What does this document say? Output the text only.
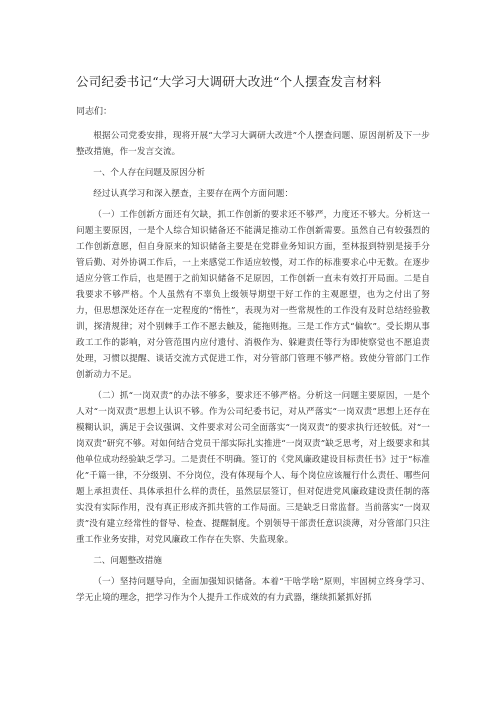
公司纪委书记“大学习大调研大改进“个人摆查发言材料
同志们：

根据公司党委安排，现将开展“大学习大调研大改进”个人摆查问题、原因剖析及下一步整改措施，作一发言交流。

一、个人存在问题及原因分析

经过认真学习和深入摆查，主要存在两个方面问题：

（一）工作创新方面还有欠缺，抓工作创新的要求还不够严，力度还不够大。分析这一问题主要原因，一是个人综合知识储备还不能满足推动工作创新需要。虽然自己有较强烈的工作创新意愿，但自身原来的知识储备主要是在党群业务知识方面，至林报到特别是接手分管后勤、对外协调工作后，一上来感觉工作适应较慢，对工作的标准要求心中无数。在逐步适应分管工作后，也是囿于之前知识储备不足原因，工作创新一直未有效打开局面。二是自我要求不够严格。个人虽然有不辜负上级领导期望干好工作的主观愿望，也为之付出了努力，但思想深处还存在一定程度的“惰性”，表现为对一些常规性的工作没有及时总结经验教训，探清规律；对个别棘手工作不愿去触及，能拖则拖。三是工作方式“偏软”。受长期从事政工工作的影响，对分管范围内应付遗付、消极作为、躲避责任等行为即使察觉也不愿追责处理，习惯以提醒、谈话交流方式促进工作，对分管部门管理不够严格。致使分管部门工作创新动力不足。

（二）抓“一岗双责”的办法不够多，要求还不够严格。分析这一问题主要原因，一是个人对“一岗双责”思想上认识不够。作为公司纪委书记，对从严落实“一岗双责”思想上还存在模糊认识，满足于会议强调、文件要求对公司全面落实“一岗双责”的要求执行还较低。对“一岗双责”研究不够。对如何结合党员干部实际扎实推进“一岗双责”缺乏思考，对上级要求和其他单位成功经验缺乏学习。二是责任不明确。签订的《党风廉政建设目标责任书》过于“标准化”千篇一律，不分级别、不分岗位，没有体现每个人、每个岗位应该履行什么责任、哪些问题上承担责任、具体承担什么样的责任，虽然层层签订，但对促进党风廉政建设责任制的落实没有实际作用，没有真正形成齐抓共管的工作局面。三是缺乏日常监督。当前落实“一岗双责”没有建立经常性的督导、检查、提醒制度。个别领导干部责任意识淡薄，对分管部门只注重工作业务安排，对党风廉政工作存在失察、失监现象。

二、问题整改措施

（一）坚持问题导向，全面加强知识储备。本着“干啥学啥”原则，牢固树立终身学习、学无止境的理念，把学习作为个人提升工作成效的有力武器，继续抓紧抓好抓
